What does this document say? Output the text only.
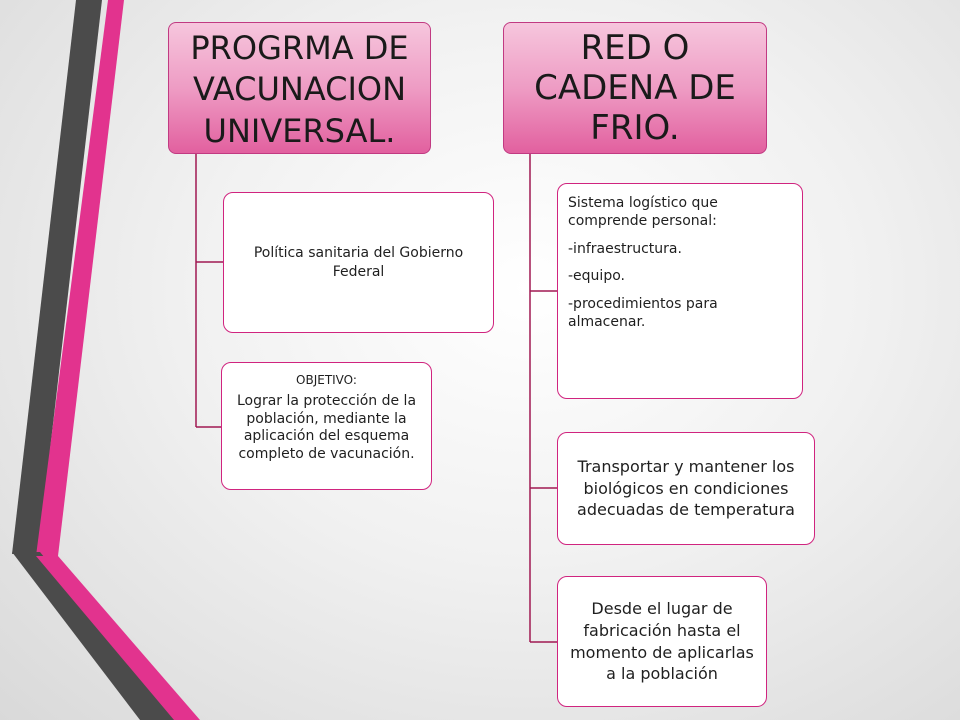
PROGRMA DE
VACUNACION
UNIVERSAL.
RED O
CADENA DE
FRIO.
Política sanitaria del Gobierno Federal
OBJETIVO:
Lograr la protección de la población, mediante la aplicación del esquema completo de vacunación.

Sistema logístico que comprende personal:

-infraestructura.

-equipo.

-procedimientos para almacenar.

Transportar y mantener los biológicos en condiciones adecuadas de temperatura
Desde el lugar de fabricación hasta el momento de aplicarlas a la población
